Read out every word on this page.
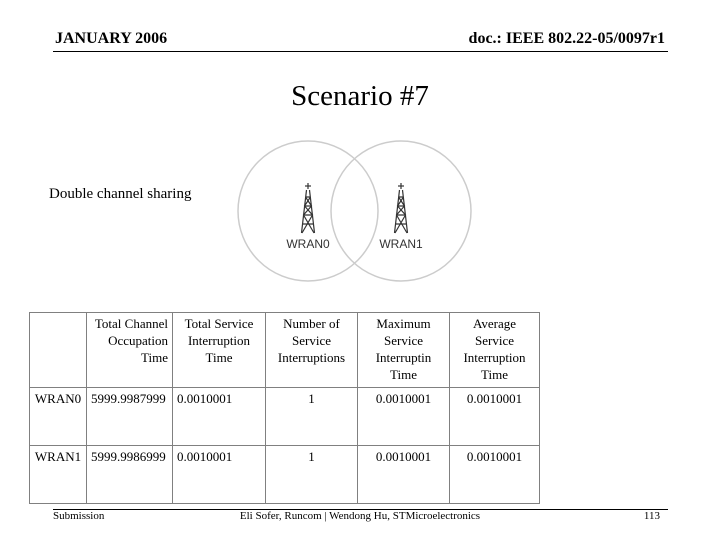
JANUARY 2006	doc.: IEEE 802.22-05/0097r1
Scenario #7
Double channel sharing
WRAN0	WRAN1
	Total Channel Occupation Time	Total Service Interruption Time	Number of Service Interruptions	Maximum Service Interruptin Time	Average Service Interruption Time
WRAN0	5999.9987999	0.0010001	1	0.0010001	0.0010001
WRAN1	5999.9986999	0.0010001	1	0.0010001	0.0010001
Submission	Eli Sofer, Runcom | Wendong Hu, STMicroelectronics	113
